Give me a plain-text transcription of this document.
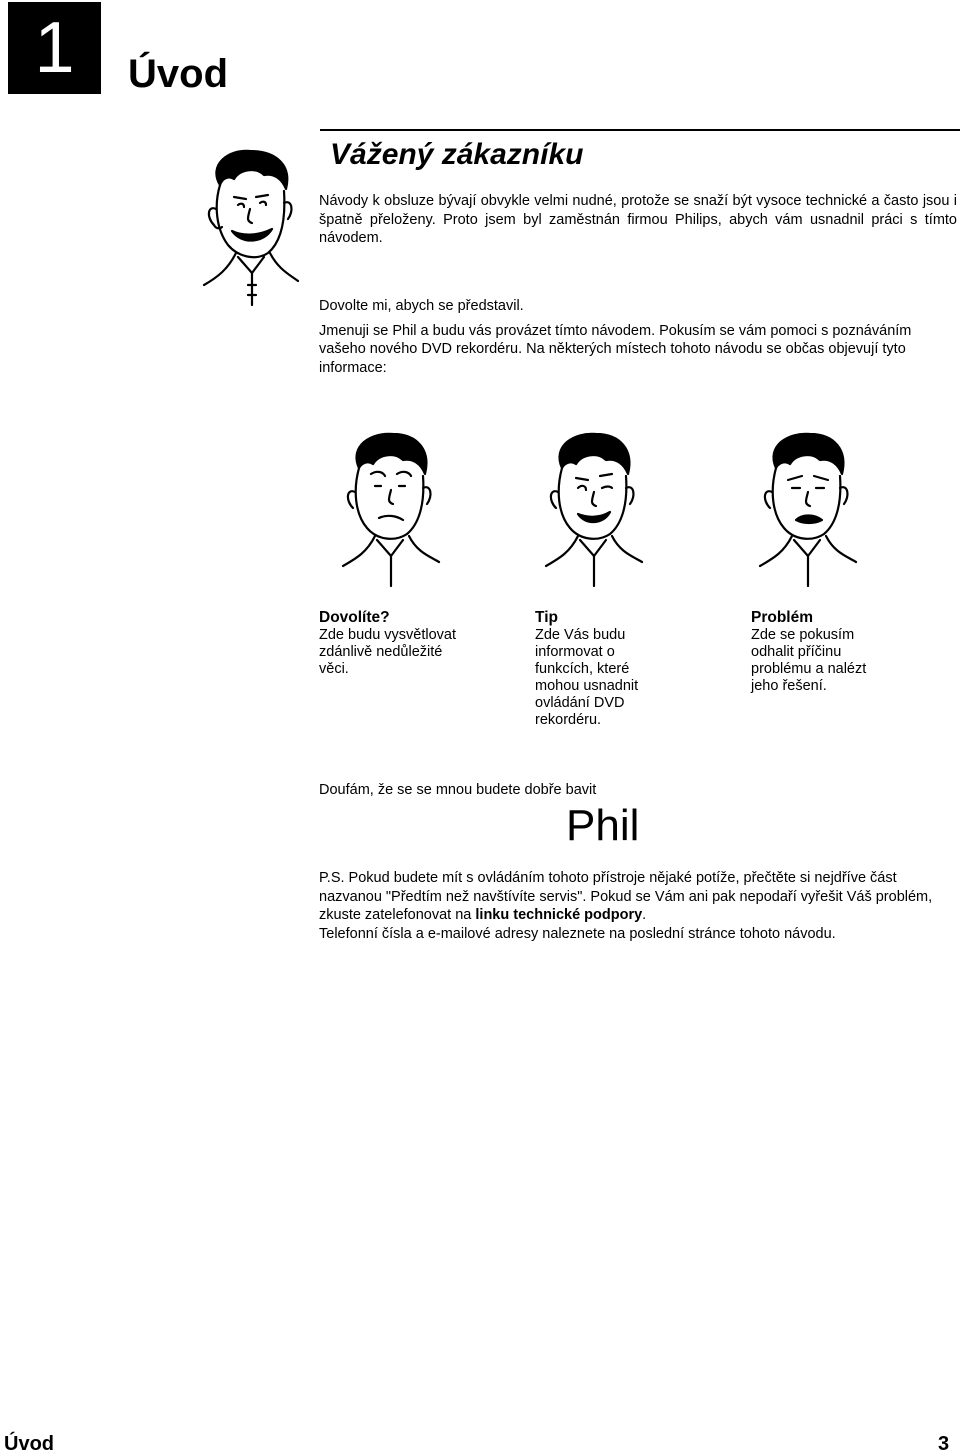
1	Úvod
Vážený zákazníku
Návody k obsluze bývají obvykle velmi nudné, protože se snaží být vysoce technické a často jsou i špatně přeloženy. Proto jsem byl zaměstnán firmou Philips, abych vám usnadnil práci s tímto návodem.
Dovolte mi, abych se představil.
Jmenuji se Phil a budu vás provázet tímto návodem. Pokusím se vám pomoci s poznáváním vašeho nového DVD rekordéru. Na některých místech tohoto návodu se občas objevují tyto informace:
Dovolíte?
Zde budu vysvětlovat zdánlivě nedůležité věci.
Tip
Zde Vás budu informovat o funkcích, které mohou usnadnit ovládání DVD rekordéru.
Problém
Zde se pokusím odhalit příčinu problému a nalézt jeho řešení.
Doufám, že se se mnou budete dobře bavit
Phil
P.S. Pokud budete mít s ovládáním tohoto přístroje nějaké potíže, přečtěte si nejdříve část nazvanou "Předtím než navštívíte servis". Pokud se Vám ani pak nepodaří vyřešit Váš problém, zkuste zatelefonovat na linku technické podpory.
Telefonní čísla a e-mailové adresy naleznete na poslední stránce tohoto návodu.
Úvod	3
